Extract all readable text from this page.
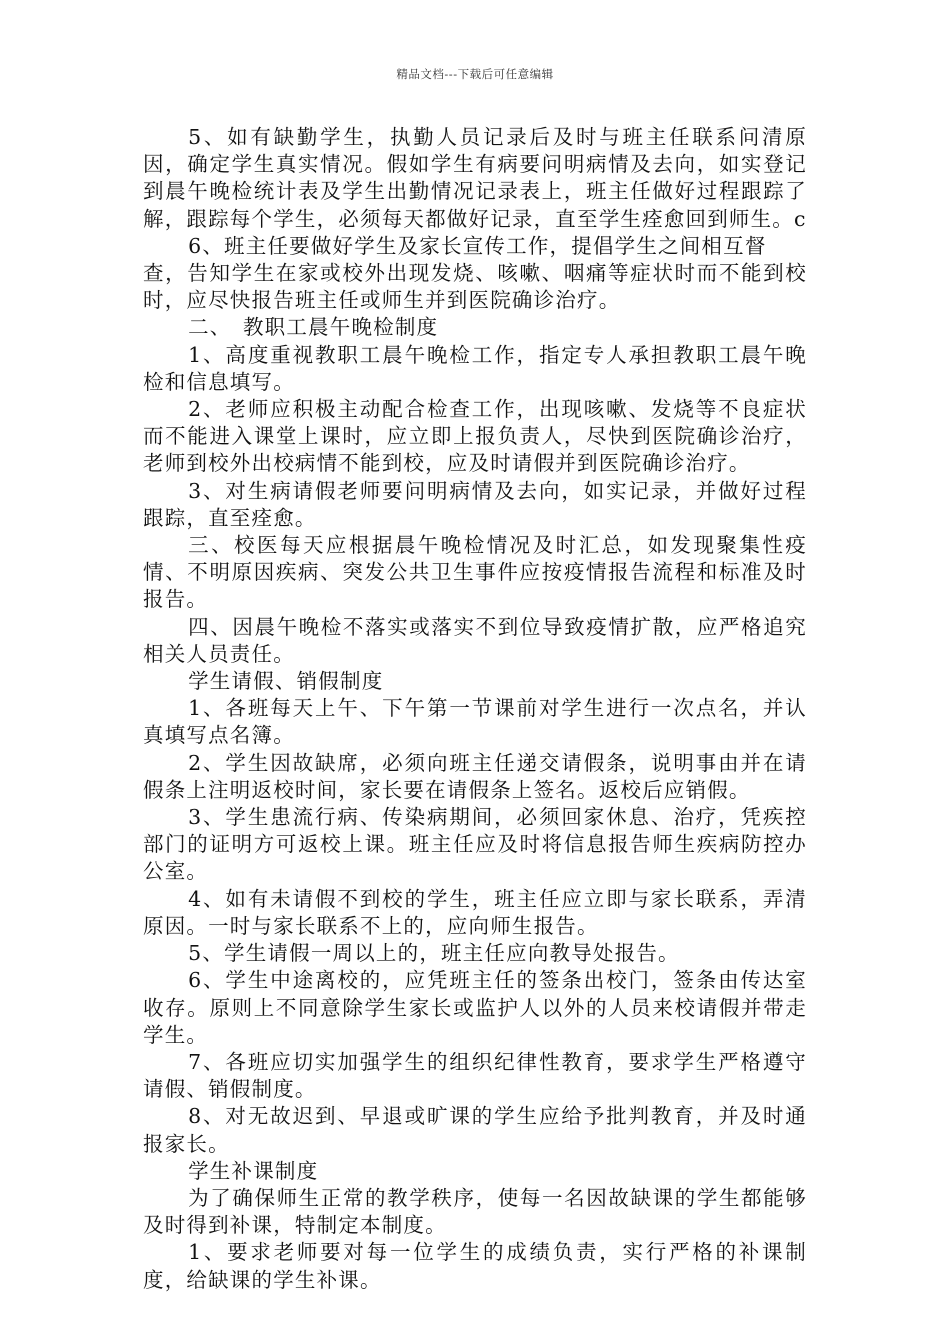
精品文档---下载后可任意编辑

5、如有缺勤学生，执勤人员记录后及时与班主任联系问清原因，确定学生真实情况。假如学生有病要问明病情及去向，如实登记到晨午晚检统计表及学生出勤情况记录表上，班主任做好过程跟踪了解，跟踪每个学生，必须每天都做好记录，直至学生痊愈回到师生。c

6、班主任要做好学生及家长宣传工作，提倡学生之间相互督

查，告知学生在家或校外出现发烧、咳嗽、咽痛等症状时而不能到校时，应尽快报告班主任或师生并到医院确诊治疗。

二、　教职工晨午晚检制度

1、高度重视教职工晨午晚检工作，指定专人承担教职工晨午晚检和信息填写。

2、老师应积极主动配合检查工作，出现咳嗽、发烧等不良症状而不能进入课堂上课时，应立即上报负责人，尽快到医院确诊治疗，老师到校外出校病情不能到校，应及时请假并到医院确诊治疗。

3、对生病请假老师要问明病情及去向，如实记录，并做好过程跟踪，直至痊愈。

三、校医每天应根据晨午晚检情况及时汇总，如发现聚集性疫情、不明原因疾病、突发公共卫生事件应按疫情报告流程和标准及时报告。

四、因晨午晚检不落实或落实不到位导致疫情扩散，应严格追究相关人员责任。

学生请假、销假制度

1、各班每天上午、下午第一节课前对学生进行一次点名，并认真填写点名簿。

2、学生因故缺席，必须向班主任递交请假条，说明事由并在请假条上注明返校时间，家长要在请假条上签名。返校后应销假。

3、学生患流行病、传染病期间，必须回家休息、治疗，凭疾控部门的证明方可返校上课。班主任应及时将信息报告师生疾病防控办公室。

4、如有未请假不到校的学生，班主任应立即与家长联系，弄清原因。一时与家长联系不上的，应向师生报告。

5、学生请假一周以上的，班主任应向教导处报告。

6、学生中途离校的，应凭班主任的签条出校门，签条由传达室收存。原则上不同意除学生家长或监护人以外的人员来校请假并带走学生。

7、各班应切实加强学生的组织纪律性教育，要求学生严格遵守请假、销假制度。

8、对无故迟到、早退或旷课的学生应给予批判教育，并及时通报家长。

学生补课制度

为了确保师生正常的教学秩序，使每一名因故缺课的学生都能够及时得到补课，特制定本制度。

1、要求老师要对每一位学生的成绩负责，实行严格的补课制度，给缺课的学生补课。
